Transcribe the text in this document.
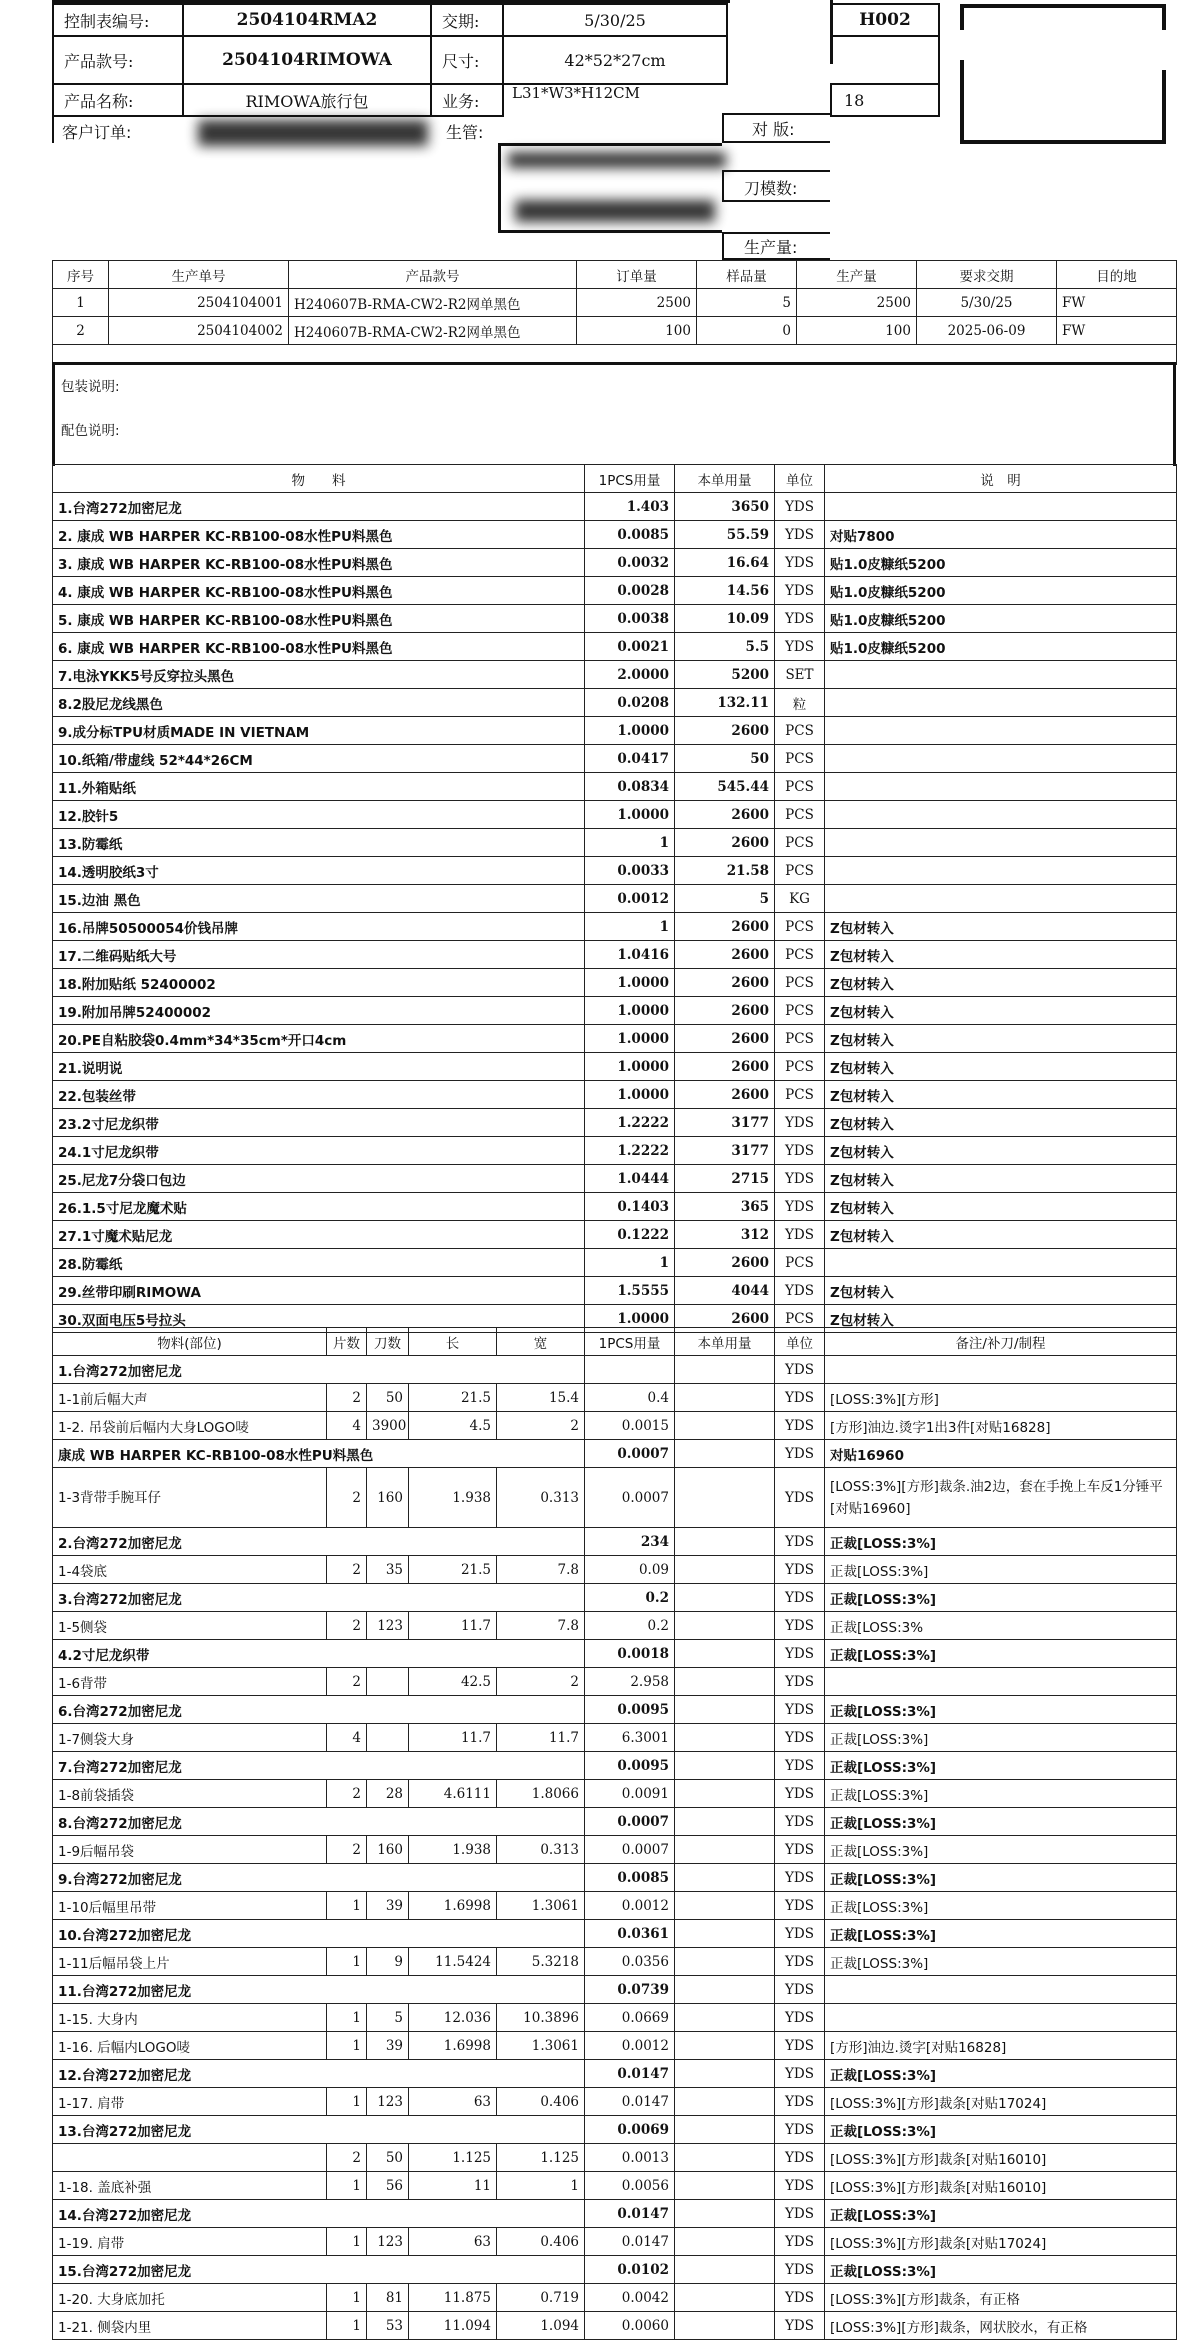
控制表编号:	2504104RMA2	交期:	5/30/25	H002
产品款号:	2504104RIMOWA	尺寸:	42*52*27cm
产品名称:	RIMOWA旅行包	业务:	L31*W3*H12CM	18
客户订单:	生管:	对 版:
刀模数:
生产量:
序号	生产单号	产品款号	订单量	样品量	生产量	要求交期	目的地
1	2504104001	H240607B-RMA-CW2-R2网单黑色	2500	5	2500	5/30/25	FW
2	2504104002	H240607B-RMA-CW2-R2网单黑色	100	0	100	2025-06-09	FW

包装说明:
配色说明:
物　　料	1PCS用量	本单用量	单位	说　明
1.台湾272加密尼龙	1.403	3650	YDS	
2. 康成 WB HARPER KC-RB100-08水性PU料黑色	0.0085	55.59	YDS	对贴7800
3. 康成 WB HARPER KC-RB100-08水性PU料黑色	0.0032	16.64	YDS	贴1.0皮糠纸5200
4. 康成 WB HARPER KC-RB100-08水性PU料黑色	0.0028	14.56	YDS	贴1.0皮糠纸5200
5. 康成 WB HARPER KC-RB100-08水性PU料黑色	0.0038	10.09	YDS	贴1.0皮糠纸5200
6. 康成 WB HARPER KC-RB100-08水性PU料黑色	0.0021	5.5	YDS	贴1.0皮糠纸5200
7.电泳YKK5号反穿拉头黑色	2.0000	5200	SET	
8.2股尼龙线黑色	0.0208	132.11	粒	
9.成分标TPU材质MADE IN VIETNAM	1.0000	2600	PCS	
10.纸箱/带虚线 52*44*26CM	0.0417	50	PCS	
11.外箱贴纸	0.0834	545.44	PCS	
12.胶针5	1.0000	2600	PCS	
13.防霉纸	1	2600	PCS	
14.透明胶纸3寸	0.0033	21.58	PCS	
15.边油 黑色	0.0012	5	KG	
16.吊牌50500054价钱吊牌	1	2600	PCS	Z包材转入
17.二维码贴纸大号	1.0416	2600	PCS	Z包材转入
18.附加贴纸 52400002	1.0000	2600	PCS	Z包材转入
19.附加吊牌52400002	1.0000	2600	PCS	Z包材转入
20.PE自粘胶袋0.4mm*34*35cm*开口4cm	1.0000	2600	PCS	Z包材转入
21.说明说	1.0000	2600	PCS	Z包材转入
22.包装丝带	1.0000	2600	PCS	Z包材转入
23.2寸尼龙织带	1.2222	3177	YDS	Z包材转入
24.1寸尼龙织带	1.2222	3177	YDS	Z包材转入
25.尼龙7分袋口包边	1.0444	2715	YDS	Z包材转入
26.1.5寸尼龙魔术贴	0.1403	365	YDS	Z包材转入
27.1寸魔术贴尼龙	0.1222	312	YDS	Z包材转入
28.防霉纸	1	2600	PCS	
29.丝带印刷RIMOWA	1.5555	4044	YDS	Z包材转入
30.双面电压5号拉头	1.0000	2600	PCS	Z包材转入
物料(部位)	片数	刀数	长	宽	1PCS用量	本单用量	单位	备注/补刀/制程
1.台湾272加密尼龙							YDS	
1-1前后幅大声	2	50	21.5	15.4	0.4		YDS	[LOSS:3%][方形]
1-2. 吊袋前后幅内大身LOGO唛	4	3900	4.5	2	0.0015		YDS	[方形]油边.烫字1出3件[对贴16828]
康成 WB HARPER KC-RB100-08水性PU料黑色					0.0007		YDS	对贴16960
1-3背带手腕耳仔	2	160	1.938	0.313	0.0007		YDS	[LOSS:3%][方形]裁条.油2边，套在手挽上车反1分锤平[对贴16960]
2.台湾272加密尼龙					234		YDS	正裁[LOSS:3%]
1-4袋底	2	35	21.5	7.8	0.09		YDS	正裁[LOSS:3%]
3.台湾272加密尼龙					0.2		YDS	正裁[LOSS:3%]
1-5侧袋	2	123	11.7	7.8	0.2		YDS	正裁[LOSS:3%
4.2寸尼龙织带					0.0018		YDS	正裁[LOSS:3%]
1-6背带	2		42.5	2	2.958		YDS	
6.台湾272加密尼龙					0.0095		YDS	正裁[LOSS:3%]
1-7侧袋大身	4		11.7	11.7	6.3001		YDS	正裁[LOSS:3%]
7.台湾272加密尼龙					0.0095		YDS	正裁[LOSS:3%]
1-8前袋插袋	2	28	4.6111	1.8066	0.0091		YDS	正裁[LOSS:3%]
8.台湾272加密尼龙					0.0007		YDS	正裁[LOSS:3%]
1-9后幅吊袋	2	160	1.938	0.313	0.0007		YDS	正裁[LOSS:3%]
9.台湾272加密尼龙					0.0085		YDS	正裁[LOSS:3%]
1-10后幅里吊带	1	39	1.6998	1.3061	0.0012		YDS	正裁[LOSS:3%]
10.台湾272加密尼龙					0.0361		YDS	正裁[LOSS:3%]
1-11后幅吊袋上片	1	9	11.5424	5.3218	0.0356		YDS	正裁[LOSS:3%]
11.台湾272加密尼龙					0.0739		YDS	
1-15. 大身内	1	5	12.036	10.3896	0.0669		YDS	
1-16. 后幅内LOGO唛	1	39	1.6998	1.3061	0.0012		YDS	[方形]油边.烫字[对贴16828]
12.台湾272加密尼龙					0.0147		YDS	正裁[LOSS:3%]
1-17. 肩带	1	123	63	0.406	0.0147		YDS	[LOSS:3%][方形]裁条[对贴17024]
13.台湾272加密尼龙					0.0069		YDS	正裁[LOSS:3%]
	2	50	1.125	1.125	0.0013		YDS	[LOSS:3%][方形]裁条[对贴16010]
1-18. 盖底补强	1	56	11	1	0.0056		YDS	[LOSS:3%][方形]裁条[对贴16010]
14.台湾272加密尼龙					0.0147		YDS	正裁[LOSS:3%]
1-19. 肩带	1	123	63	0.406	0.0147		YDS	[LOSS:3%][方形]裁条[对贴17024]
15.台湾272加密尼龙					0.0102		YDS	正裁[LOSS:3%]
1-20. 大身底加托	1	81	11.875	0.719	0.0042		YDS	[LOSS:3%][方形]裁条，有正格
1-21. 侧袋内里	1	53	11.094	1.094	0.0060		YDS	[LOSS:3%][方形]裁条，网状胶水，有正格
